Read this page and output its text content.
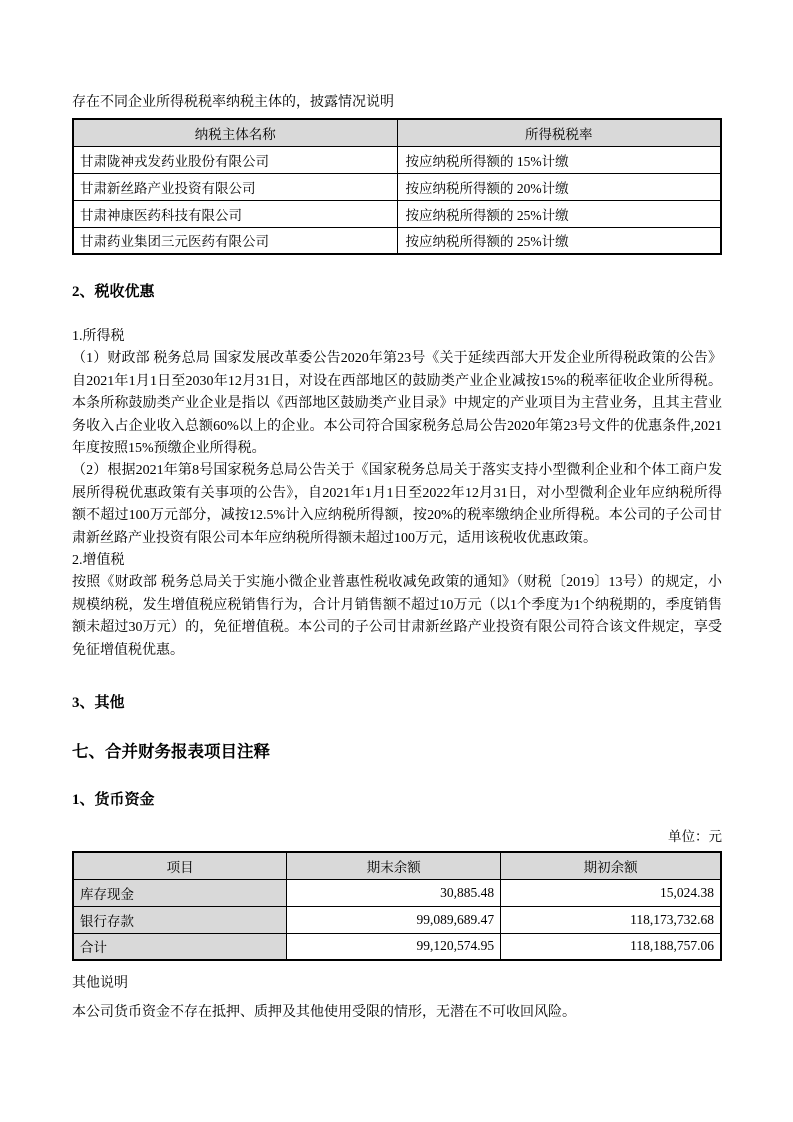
存在不同企业所得税税率纳税主体的，披露情况说明
纳税主体名称	所得税税率
甘肃陇神戎发药业股份有限公司	按应纳税所得额的 15%计缴
甘肃新丝路产业投资有限公司	按应纳税所得额的 20%计缴
甘肃神康医药科技有限公司	按应纳税所得额的 25%计缴
甘肃药业集团三元医药有限公司	按应纳税所得额的 25%计缴
2、税收优惠
1.所得税
（1）财政部 税务总局 国家发展改革委公告2020年第23号《关于延续西部大开发企业所得税政策的公告》自2021年1月1日至2030年12月31日，对设在西部地区的鼓励类产业企业减按15%的税率征收企业所得税。本条所称鼓励类产业企业是指以《西部地区鼓励类产业目录》中规定的产业项目为主营业务，且其主营业务收入占企业收入总额60%以上的企业。本公司符合国家税务总局公告2020年第23号文件的优惠条件,2021年度按照15%预缴企业所得税。
（2）根据2021年第8号国家税务总局公告关于《国家税务总局关于落实支持小型微利企业和个体工商户发展所得税优惠政策有关事项的公告》，自2021年1月1日至2022年12月31日，对小型微利企业年应纳税所得额不超过100万元部分，减按12.5%计入应纳税所得额，按20%的税率缴纳企业所得税。本公司的子公司甘肃新丝路产业投资有限公司本年应纳税所得额未超过100万元，适用该税收优惠政策。
2.增值税
按照《财政部 税务总局关于实施小微企业普惠性税收减免政策的通知》（财税〔2019〕13号）的规定，小规模纳税，发生增值税应税销售行为，合计月销售额不超过10万元（以1个季度为1个纳税期的，季度销售额未超过30万元）的，免征增值税。本公司的子公司甘肃新丝路产业投资有限公司符合该文件规定，享受免征增值税优惠。
3、其他
七、合并财务报表项目注释
1、货币资金
单位：元
项目	期末余额	期初余额
库存现金	30,885.48	15,024.38
银行存款	99,089,689.47	118,173,732.68
合计	99,120,574.95	118,188,757.06
其他说明
本公司货币资金不存在抵押、质押及其他使用受限的情形，无潜在不可收回风险。
